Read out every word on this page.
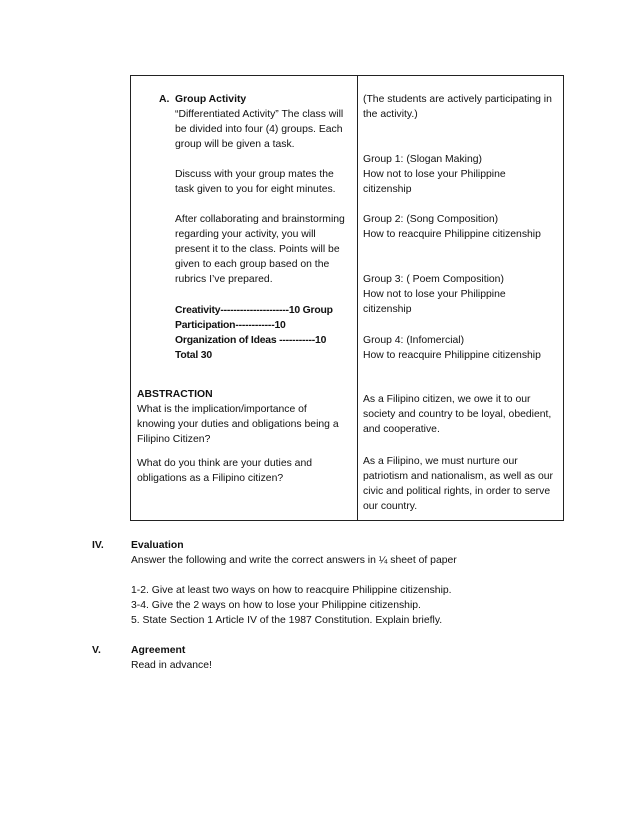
A. Group Activity
“Differentiated Activity” The class will
be divided into four (4) groups. Each
group will be given a task.
Discuss with your group mates the
task given to you for eight minutes.
After collaborating and brainstorming
regarding your activity, you will
present it to the class. Points will be
given to each group based on the
rubrics I’ve prepared.
Creativity---------------------10 Group
Participation------------10
Organization of Ideas -----------10
Total 30
ABSTRACTION
What is the implication/importance of
knowing your duties and obligations being a
Filipino Citizen?
What do you think are your duties and
obligations as a Filipino citizen?
(The students are actively participating in
the activity.)
Group 1: (Slogan Making)
How not to lose your Philippine
citizenship
Group 2: (Song Composition)
How to reacquire Philippine citizenship
Group 3: ( Poem Composition)
How not to lose your Philippine
citizenship
Group 4: (Infomercial)
How to reacquire Philippine citizenship
As a Filipino citizen, we owe it to our
society and country to be loyal, obedient,
and cooperative.
As a Filipino, we must nurture our
patriotism and nationalism, as well as our
civic and political rights, in order to serve
our country.
IV.	Evaluation
Answer the following and write the correct answers in ¼ sheet of paper
1-2. Give at least two ways on how to reacquire Philippine citizenship.
3-4. Give the 2 ways on how to lose your Philippine citizenship.
5. State Section 1 Article IV of the 1987 Constitution. Explain briefly.
V.	Agreement
Read in advance!
